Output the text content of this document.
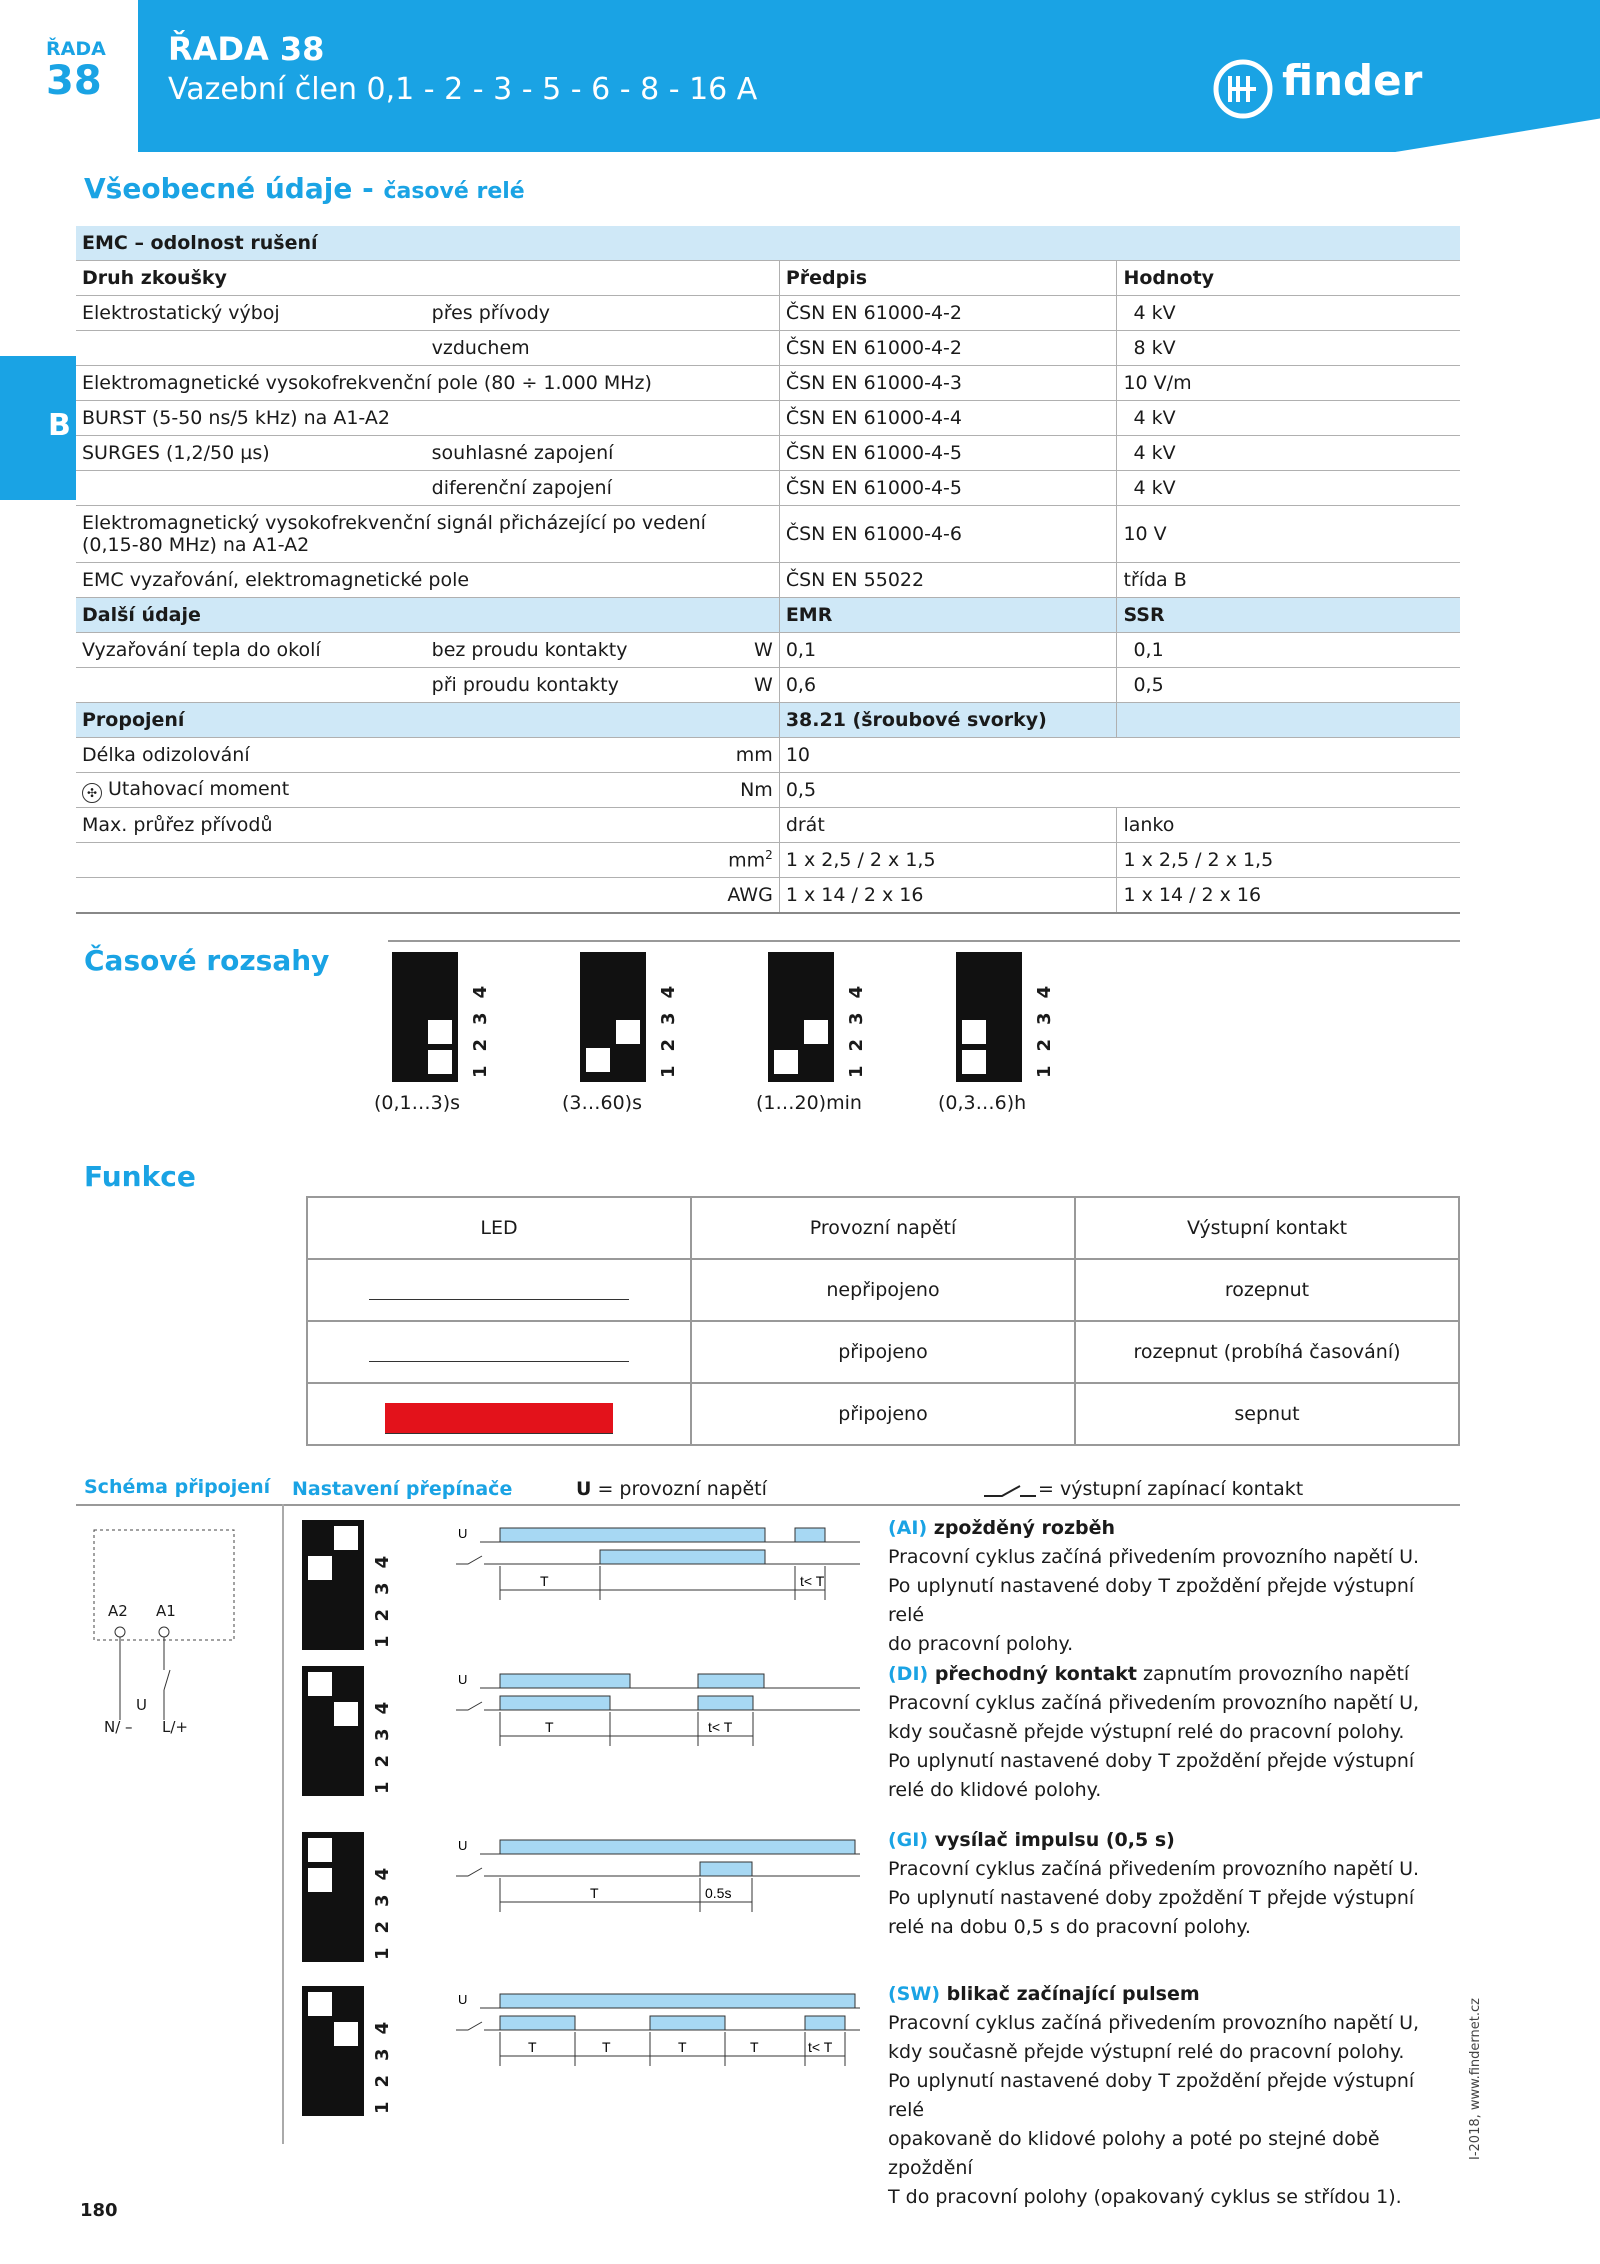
ŘADA
38
ŘADA 38
Vazební člen 0,1 - 2 - 3 - 5 - 6 - 8 - 16 A	finder
B
Všeobecné údaje - časové relé
EMC – odolnost rušení				
Druh zkoušky			Předpis	Hodnoty
Elektrostatický výboj	přes přívody		ČSN EN 61000-4-2	4 kV
	vzduchem		ČSN EN 61000-4-2	8 kV
Elektromagnetické vysokofrekvenční pole (80 ÷ 1.000 MHz)			ČSN EN 61000-4-3	10 V/m
BURST (5-50 ns/5 kHz) na A1-A2			ČSN EN 61000-4-4	4 kV
SURGES (1,2/50 µs)	souhlasné zapojení		ČSN EN 61000-4-5	4 kV
	diferenční zapojení		ČSN EN 61000-4-5	4 kV
Elektromagnetický vysokofrekvenční signál přicházející po vedení
(0,15-80 MHz) na A1-A2			ČSN EN 61000-4-6	10 V
EMC vyzařování, elektromagnetické pole			ČSN EN 55022	třída B
Další údaje			EMR	SSR
Vyzařování tepla do okolí	bez proudu kontakty	W	0,1	0,1
	při proudu kontakty	W	0,6	0,5
Propojení			38.21 (šroubové svorky)	
Délka odizolování		mm	10	
✣ Utahovací moment		Nm	0,5	
Max. průřez přívodů			drát	lanko
		$mm^2$	1 x 2,5 / 2 x 1,5	1 x 2,5 / 2 x 1,5
		AWG	1 x 14 / 2 x 16	1 x 14 / 2 x 16
Časové rozsahy
1234
(0,1…3)s
1234
(3…60)s
1234
(1…20)min
1234
(0,3…6)h
Funkce
LED	Provozní napětí	Výstupní kontakt

	nepřipojeno	rozepnut

	připojeno	rozepnut (probíhá časování)

	připojeno	sepnut
Schéma připojení Nastavení přepínače	U = provozní napětí	= výstupní zapínací kontakt
A2 A1
U
N/ – L/+
1234
U
T	t< T
(AI) zpožděný rozběh
Pracovní cyklus začíná přivedením provozního napětí U.
Po uplynutí nastavené doby T zpoždění přejde výstupní relé
do pracovní polohy.
1234
U
T	t< T
(DI) přechodný kontakt zapnutím provozního napětí
Pracovní cyklus začíná přivedením provozního napětí U,
kdy současně přejde výstupní relé do pracovní polohy.
Po uplynutí nastavené doby T zpoždění přejde výstupní
relé do klidové polohy.
1234
U
T	0.5s
(GI) vysílač impulsu (0,5 s)
Pracovní cyklus začíná přivedením provozního napětí U.
Po uplynutí nastavené doby zpoždění T přejde výstupní
relé na dobu 0,5 s do pracovní polohy.
1234
U
T	T	T	T	t< T
(SW) blikač začínající pulsem
Pracovní cyklus začíná přivedením provozního napětí U,
kdy současně přejde výstupní relé do pracovní polohy.
Po uplynutí nastavené doby T zpoždění přejde výstupní relé
opakovaně do klidové polohy a poté po stejné době zpoždění
T do pracovní polohy (opakovaný cyklus se střídou 1).
180
I-2018, www.findernet.cz
